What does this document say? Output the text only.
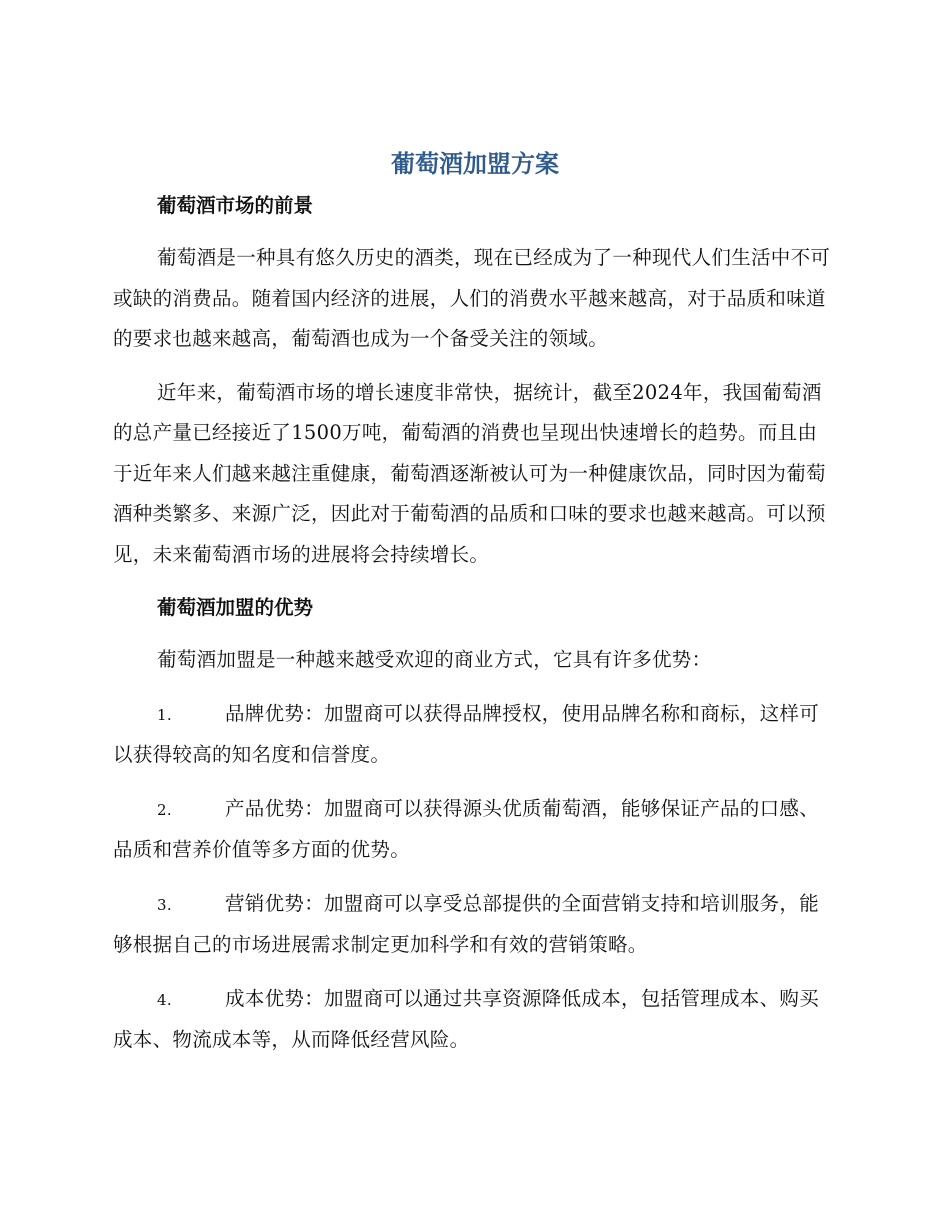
葡萄酒加盟方案
葡萄酒市场的前景

葡萄酒是一种具有悠久历史的酒类，现在已经成为了一种现代人们生活中不可或缺的消费品。随着国内经济的进展，人们的消费水平越来越高，对于品质和味道的要求也越来越高，葡萄酒也成为一个备受关注的领域。

近年来，葡萄酒市场的增长速度非常快，据统计，截至2024年，我国葡萄酒的总产量已经接近了1500万吨，葡萄酒的消费也呈现出快速增长的趋势。而且由于近年来人们越来越注重健康，葡萄酒逐渐被认可为一种健康饮品，同时因为葡萄酒种类繁多、来源广泛，因此对于葡萄酒的品质和口味的要求也越来越高。可以预见，未来葡萄酒市场的进展将会持续增长。

葡萄酒加盟的优势

葡萄酒加盟是一种越来越受欢迎的商业方式，它具有许多优势：

1.	品牌优势：加盟商可以获得品牌授权，使用品牌名称和商标，这样可以获得较高的知名度和信誉度。

2.	产品优势：加盟商可以获得源头优质葡萄酒，能够保证产品的口感、品质和营养价值等多方面的优势。

3.	营销优势：加盟商可以享受总部提供的全面营销支持和培训服务，能够根据自己的市场进展需求制定更加科学和有效的营销策略。

4.	成本优势：加盟商可以通过共享资源降低成本，包括管理成本、购买成本、物流成本等，从而降低经营风险。
